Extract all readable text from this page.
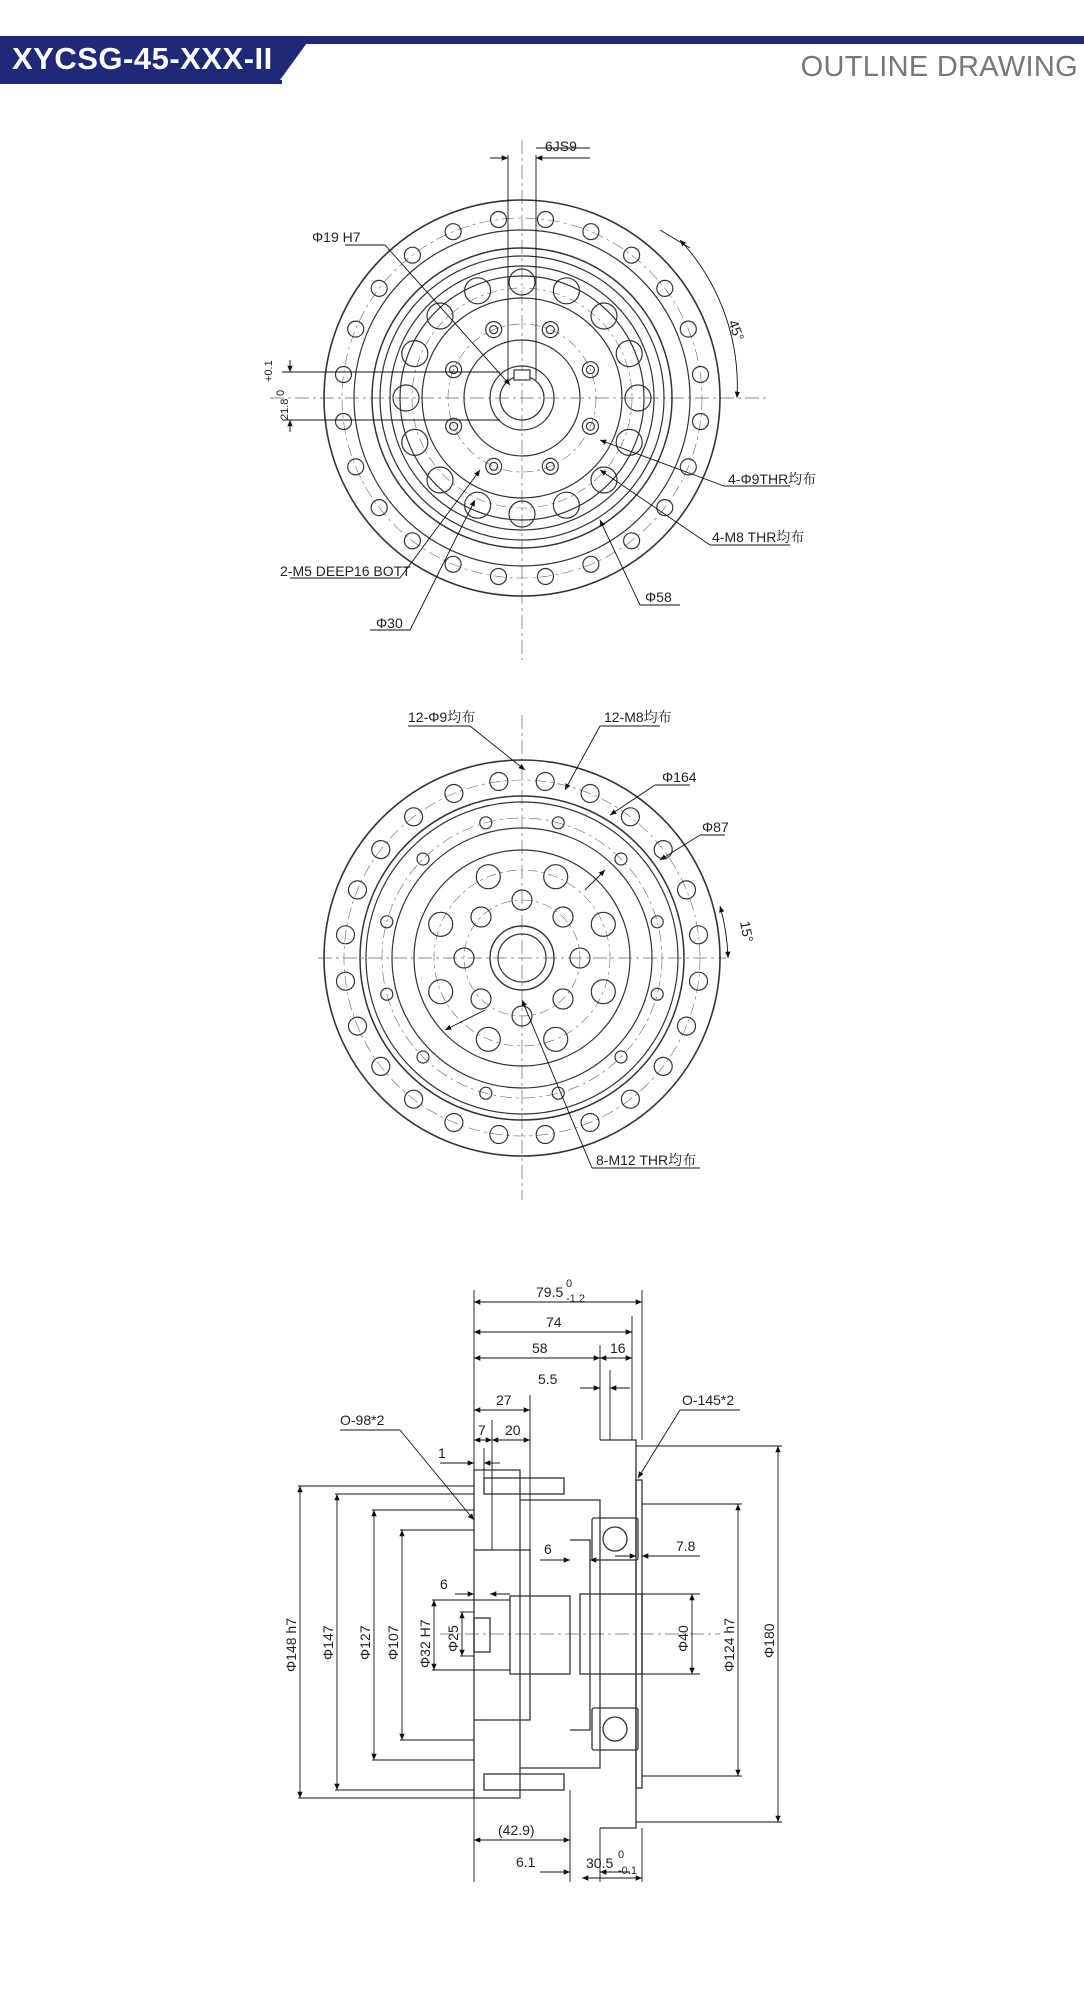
XYCSG-45-XXX-II	OUTLINE DRAWING
6JS9
Φ19 H7
45°
+0.1
0
21.8
4-Φ9THR均布
4-M8 THR均布
2-M5 DEEP16 BOTT
Φ58
Φ30
12-Φ9均布	12-M8均布
Φ164
Φ87
15°
8-M12 THR均布
79.5 0
-1.2
74
58	16
5.5
27
O-98*2
O-145*2
7 20
1
6	7.8
6
Φ148 h7 Φ147 Φ127 Φ107 Φ32 H7 Φ25	Φ40 Φ124 h7 Φ180
(42.9)
6.1	30.5 0
-0.1
